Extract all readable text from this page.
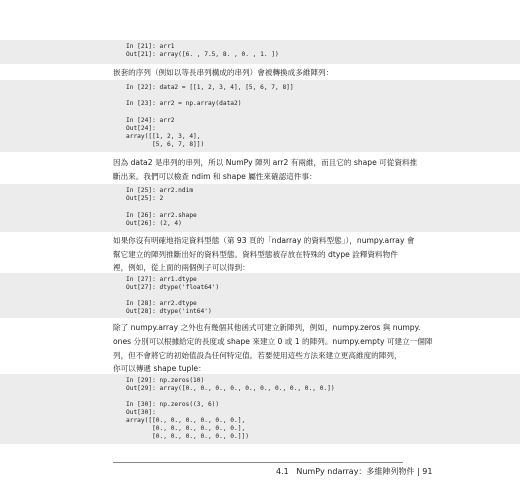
In [21]: arr1
Out[21]: array([6. , 7.5, 8. , 0. , 1. ])
嵌套的序列（例如以等長串列構成的串列）會被轉換成多維陣列：
In [22]: data2 = [[1, 2, 3, 4], [5, 6, 7, 8]]
In [23]: arr2 = np.array(data2)
In [24]: arr2
Out[24]:
array([[1, 2, 3, 4],
[5, 6, 7, 8]])
因為 data2 是串列的串列，所以 NumPy 陣列 arr2 有兩維，而且它的 shape 可從資料推
斷出來。我們可以檢查 ndim 和 shape 屬性來確認這件事：
In [25]: arr2.ndim
Out[25]: 2
In [26]: arr2.shape
Out[26]: (2, 4)
如果你沒有明確地指定資料型態（第 93 頁的「ndarray 的資料型態」），numpy.array 會
幫它建立的陣列推斷出好的資料型態。資料型態被存放在特殊的 dtype 詮釋資料物件
裡，例如，從上面的兩個例子可以得到：
In [27]: arr1.dtype
Out[27]: dtype('float64')
In [28]: arr2.dtype
Out[28]: dtype('int64')
除了 numpy.array 之外也有幾個其他函式可建立新陣列，例如，numpy.zeros 與 numpy.
ones 分別可以根據給定的長度或 shape 來建立 0 或 1 的陣列。numpy.empty 可建立一個陣
列，但不會將它的初始值設為任何特定值。若要使用這些方法來建立更高維度的陣列，
你可以傳遞 shape tuple：
In [29]: np.zeros(10)
Out[29]: array([0., 0., 0., 0., 0., 0., 0., 0., 0., 0.])
In [30]: np.zeros((3, 6))
Out[30]:
array([[0., 0., 0., 0., 0., 0.],
[0., 0., 0., 0., 0., 0.],
[0., 0., 0., 0., 0., 0.]])
4.1   NumPy ndarray：多維陣列物件 | 91
